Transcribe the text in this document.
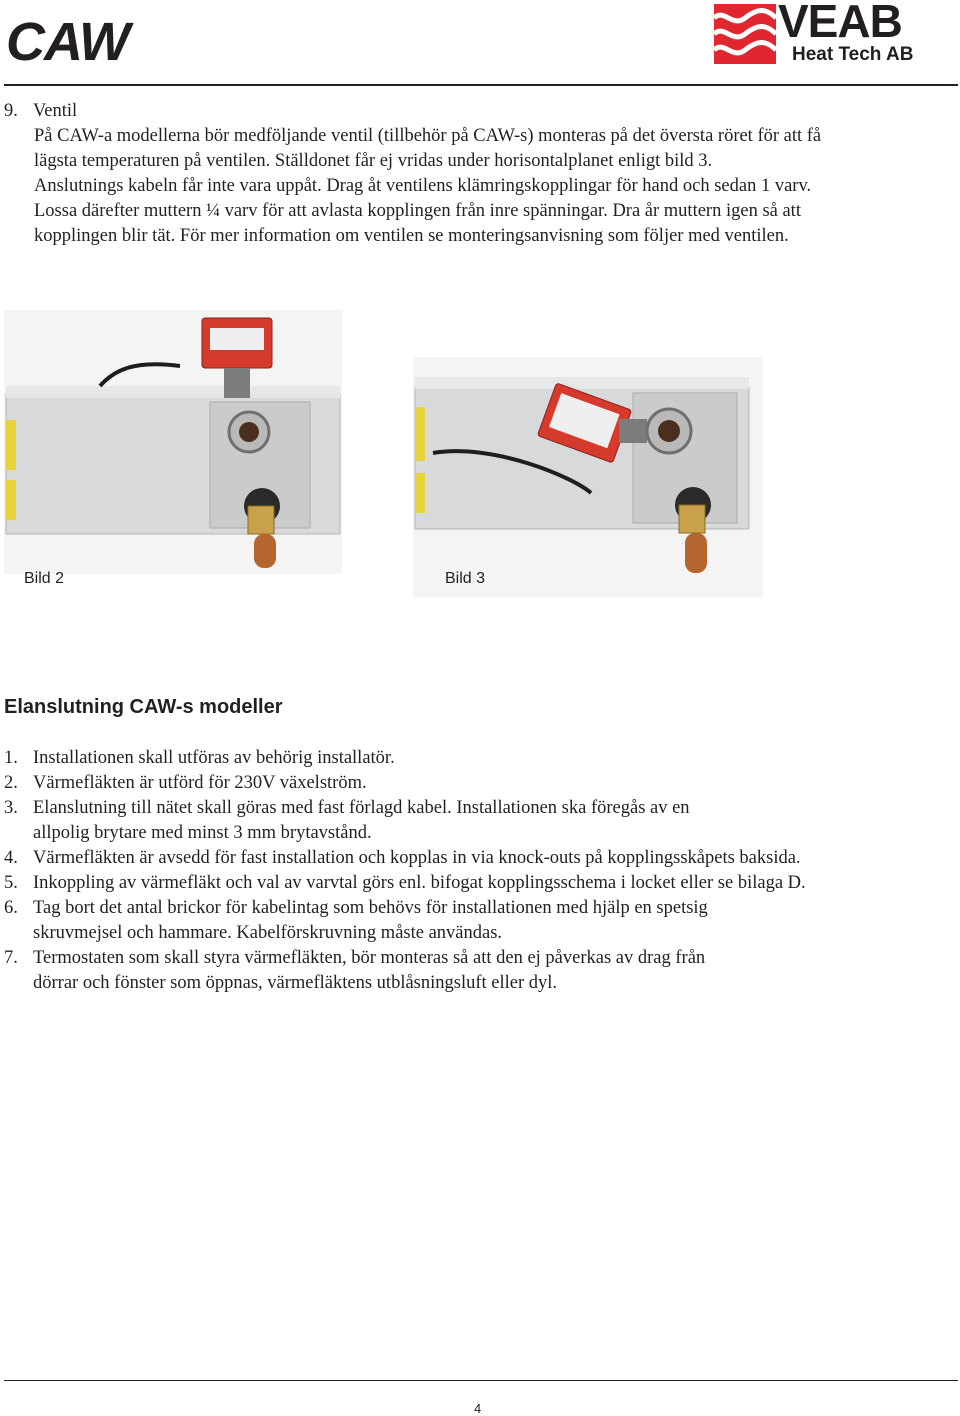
CAW	VEAB
Heat Tech AB
9. Ventil
På CAW-a modellerna bör medföljande ventil (tillbehör på CAW-s) monteras på det översta röret för att få
lägsta temperaturen på ventilen. Ställdonet får ej vridas under horisontalplanet enligt bild 3.
Anslutnings kabeln får inte vara uppåt. Drag åt ventilens klämringskopplingar för hand och sedan 1 varv.
Lossa därefter muttern ¼ varv för att avlasta kopplingen från inre spänningar. Dra år muttern igen så att
kopplingen blir tät. För mer information om ventilen se monteringsanvisning som följer med ventilen.
Bild 2	Bild 3
Elanslutning CAW-s modeller
1. Installationen skall utföras av behörig installatör.
2. Värmefläkten är utförd för 230V växelström.
3. Elanslutning till nätet skall göras med fast förlagd kabel. Installationen ska föregås av en
allpolig brytare med minst 3 mm brytavstånd.
4. Värmefläkten är avsedd för fast installation och kopplas in via knock-outs på kopplingsskåpets baksida.
5. Inkoppling av värmefläkt och val av varvtal görs enl. bifogat kopplingsschema i locket eller se bilaga D.
6. Tag bort det antal brickor för kabelintag som behövs för installationen med hjälp en spetsig
skruvmejsel och hammare. Kabelförskruvning måste användas.
7. Termostaten som skall styra värmefläkten, bör monteras så att den ej påverkas av drag från
dörrar och fönster som öppnas, värmefläktens utblåsningsluft eller dyl.
4
